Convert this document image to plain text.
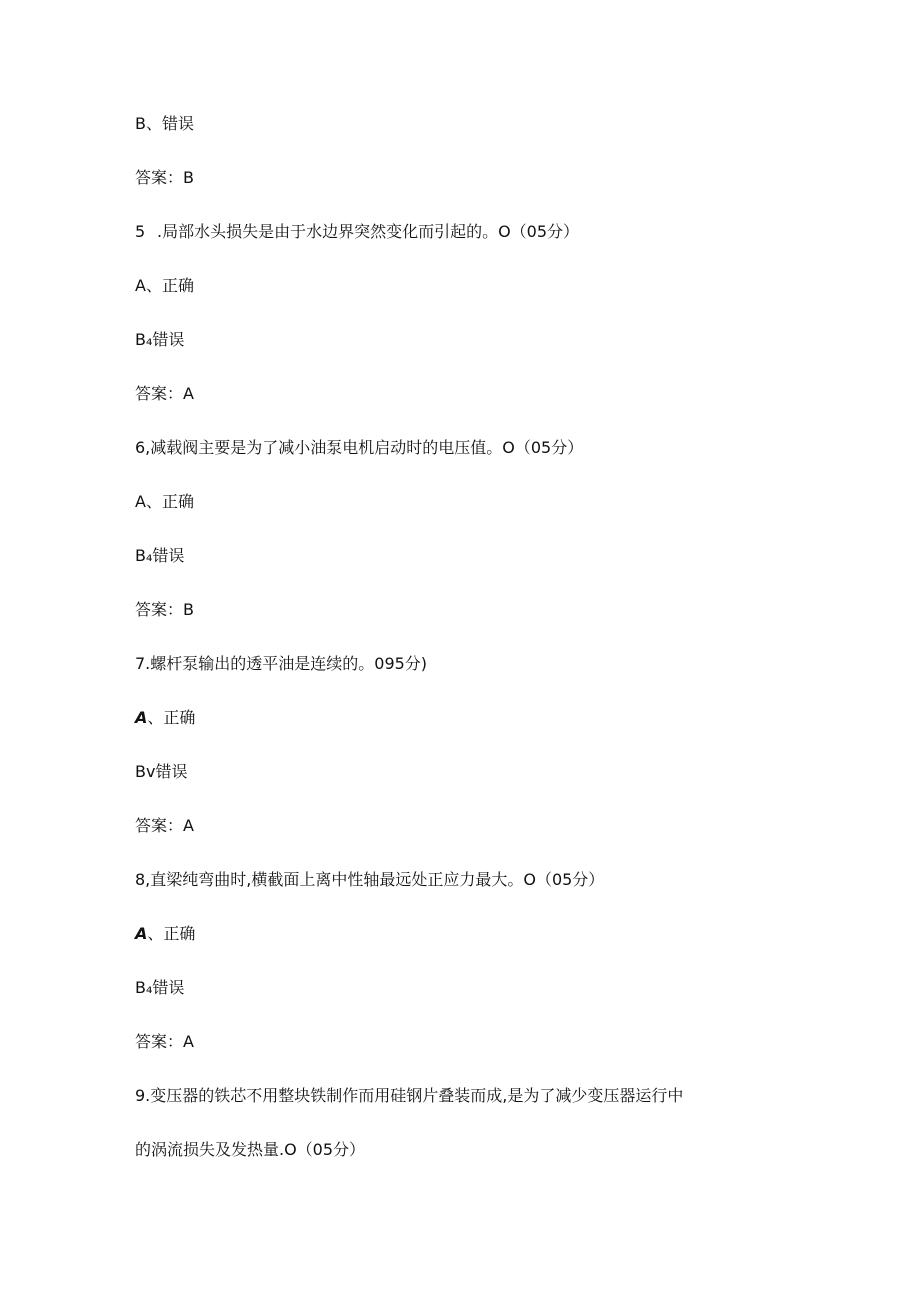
B、错误
答案：B
5 .局部水头损失是由于水边界突然变化而引起的。O（05分）
A、正确
B₄错误
答案：A
6,减载阀主要是为了减小油泵电机启动时的电压值。O（05分）
A、正确
B₄错误
答案：B
7.螺杆泵输出的透平油是连续的。095分)
A、正确
Bv错误
答案：A
8,直梁纯弯曲时,横截面上离中性轴最远处正应力最大。O（05分）
A、正确
B₄错误
答案：A
9.变压器的铁芯不用整块铁制作而用硅钢片叠装而成,是为了减少变压器运行中
的涡流损失及发热量.O（05分）
